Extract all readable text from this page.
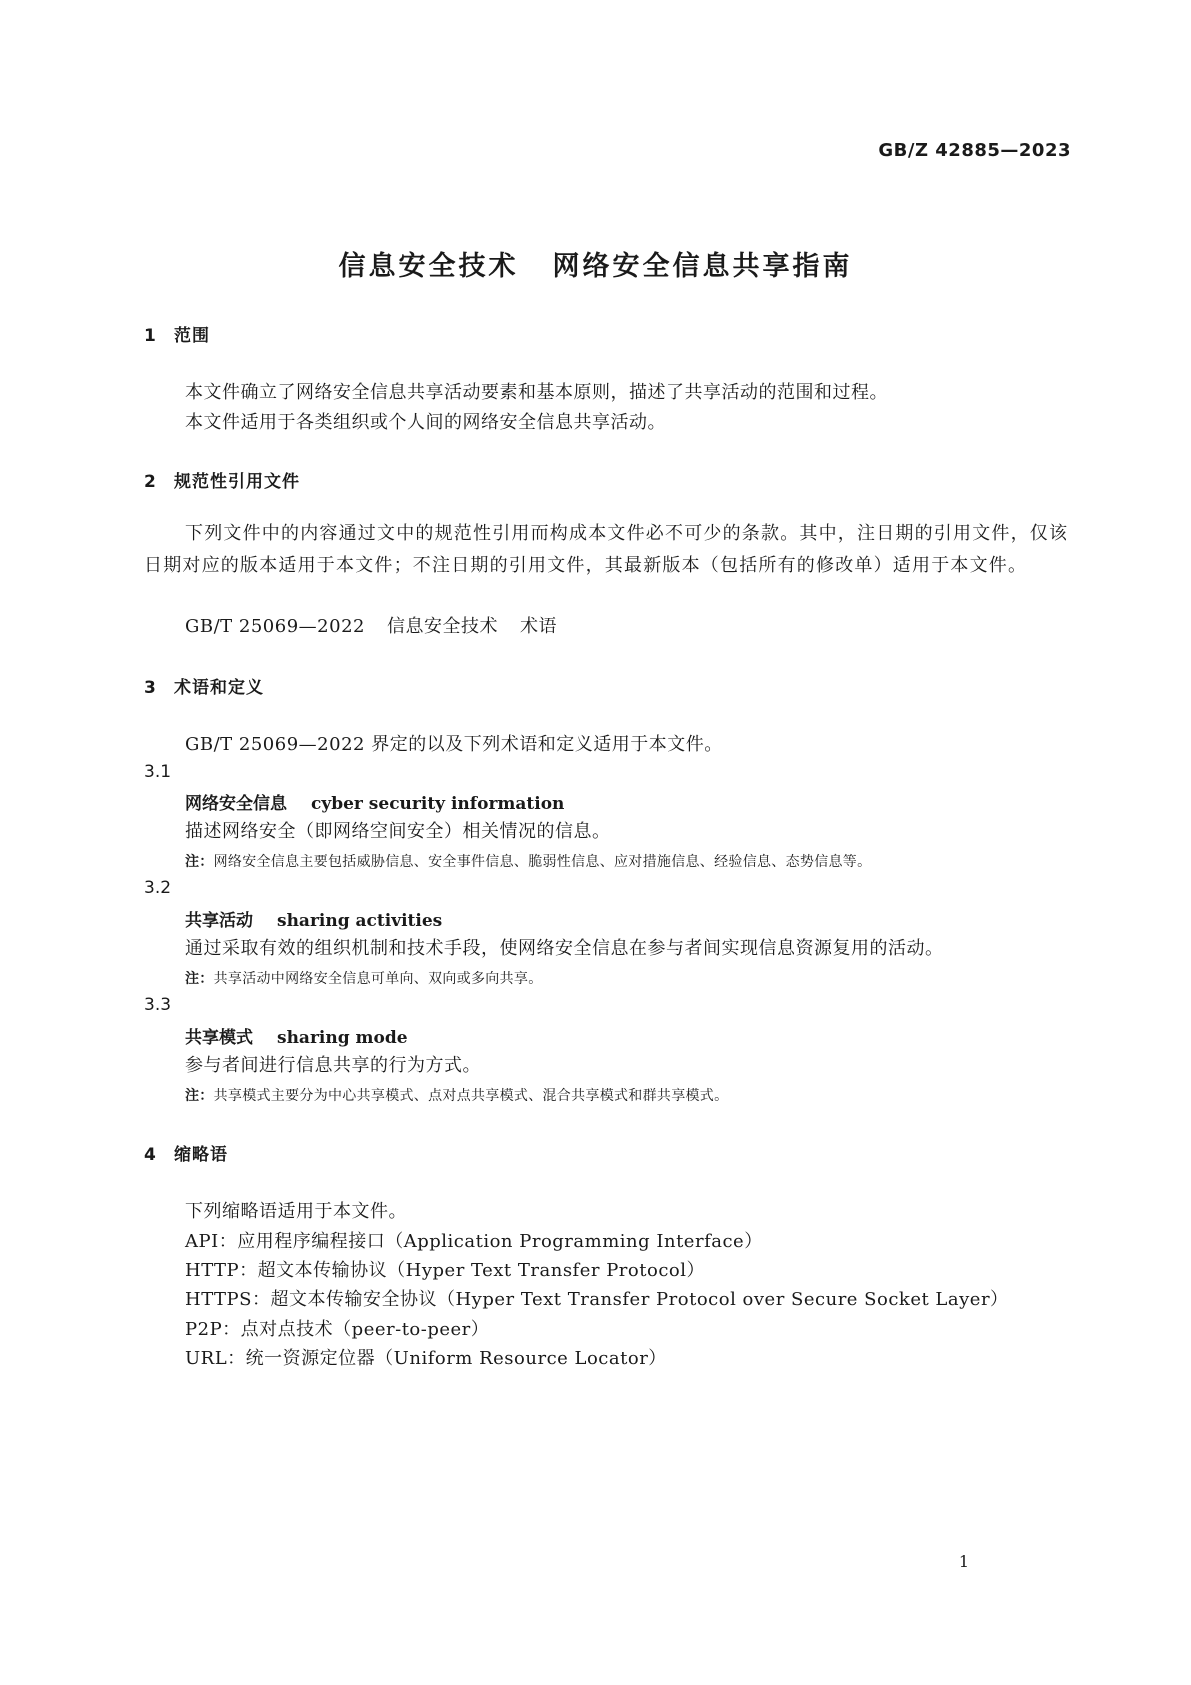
GB/Z 42885—2023
信息安全技术 网络安全信息共享指南
1 范围
本文件确立了网络安全信息共享活动要素和基本原则，描述了共享活动的范围和过程。
本文件适用于各类组织或个人间的网络安全信息共享活动。
2 规范性引用文件
下列文件中的内容通过文中的规范性引用而构成本文件必不可少的条款。其中，注日期的引用文件，仅该日期对应的版本适用于本文件；不注日期的引用文件，其最新版本（包括所有的修改单）适用于本文件。
GB/T 25069—2022 信息安全技术 术语
3 术语和定义
GB/T 25069—2022 界定的以及下列术语和定义适用于本文件。
3.1
网络安全信息 cyber security information
描述网络安全（即网络空间安全）相关情况的信息。
注：网络安全信息主要包括威胁信息、安全事件信息、脆弱性信息、应对措施信息、经验信息、态势信息等。
3.2
共享活动 sharing activities
通过采取有效的组织机制和技术手段，使网络安全信息在参与者间实现信息资源复用的活动。
注：共享活动中网络安全信息可单向、双向或多向共享。
3.3
共享模式 sharing mode
参与者间进行信息共享的行为方式。
注：共享模式主要分为中心共享模式、点对点共享模式、混合共享模式和群共享模式。
4 缩略语
下列缩略语适用于本文件。
API：应用程序编程接口（Application Programming Interface）
HTTP：超文本传输协议（Hyper Text Transfer Protocol）
HTTPS：超文本传输安全协议（Hyper Text Transfer Protocol over Secure Socket Layer）
P2P：点对点技术（peer-to-peer）
URL：统一资源定位器（Uniform Resource Locator）
1
